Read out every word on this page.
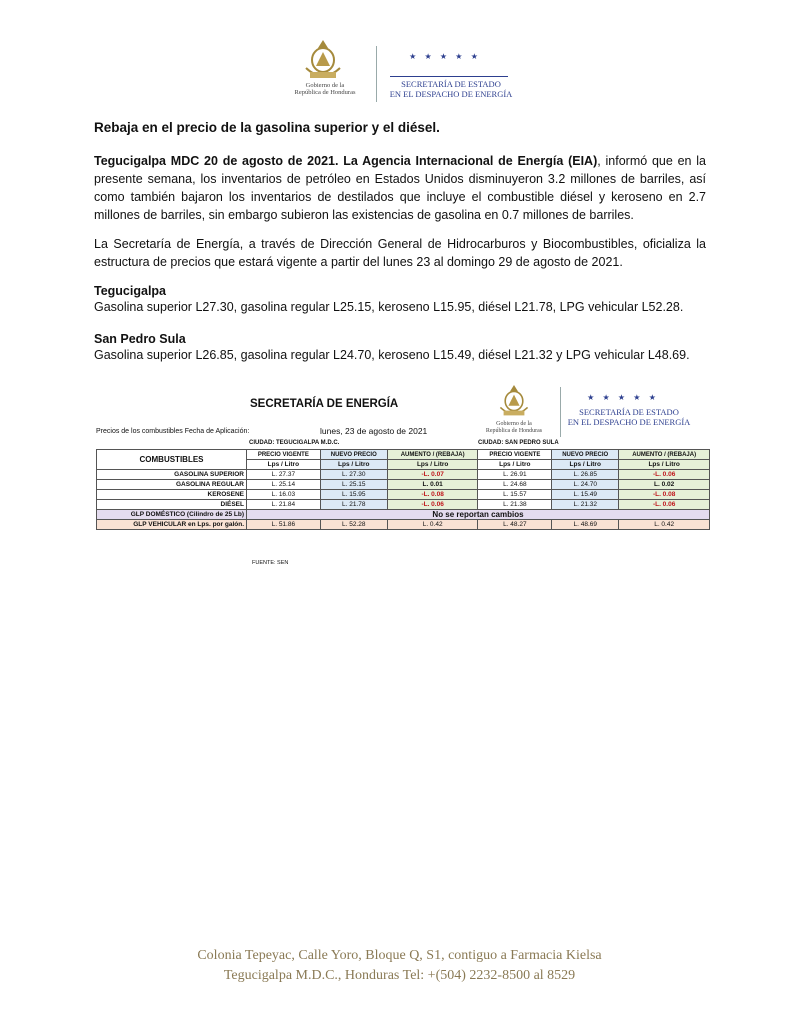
Gobierno de la
República de Honduras
★ ★ ★ ★ ★
SECRETARÍA DE ESTADO
EN EL DESPACHO DE ENERGÍA
Rebaja en el precio de la gasolina superior y el diésel.
Tegucigalpa MDC 20 de agosto de 2021. La Agencia Internacional de Energía (EIA), informó que en la presente semana, los inventarios de petróleo en Estados Unidos disminuyeron 3.2 millones de barriles, así como también bajaron los inventarios de destilados que incluye el combustible diésel y keroseno en 2.7 millones de barriles, sin embargo subieron las existencias de gasolina en 0.7 millones de barriles.
La Secretaría de Energía, a través de Dirección General de Hidrocarburos y Biocombustibles, oficializa la estructura de precios que estará vigente a partir del lunes 23 al domingo 29 de agosto de 2021.
Tegucigalpa
Gasolina superior L27.30, gasolina regular L25.15, keroseno L15.95, diésel L21.78, LPG vehicular L52.28.
San Pedro Sula
Gasolina superior L26.85, gasolina regular L24.70, keroseno L15.49, diésel L21.32 y LPG vehicular L48.69.
SECRETARÍA DE ENERGÍA
Gobierno de la
República de Honduras
★ ★ ★ ★ ★
SECRETARÍA DE ESTADO
EN EL DESPACHO DE ENERGÍA
Precios de los combustibles Fecha de Aplicación:	lunes, 23 de agosto de 2021
CIUDAD: TEGUCIGALPA M.D.C.	CIUDAD: SAN PEDRO SULA
COMBUSTIBLES	PRECIO VIGENTE	NUEVO PRECIO	AUMENTO / (REBAJA)	PRECIO VIGENTE	NUEVO PRECIO	AUMENTO / (REBAJA)
	Lps / Litro	Lps / Litro	Lps / Litro	Lps / Litro	Lps / Litro	Lps / Litro
GASOLINA SUPERIOR	L. 27.37	L. 27.30	-L. 0.07	L. 26.91	L. 26.85	-L. 0.06
GASOLINA REGULAR	L. 25.14	L. 25.15	L. 0.01	L. 24.68	L. 24.70	L. 0.02
KEROSENE	L. 16.03	L. 15.95	-L. 0.08	L. 15.57	L. 15.49	-L. 0.08
DIÉSEL	L. 21.84	L. 21.78	-L. 0.06	L. 21.38	L. 21.32	-L. 0.06
GLP DOMÉSTICO (Cilindro de 25 Lb)	No se reportan cambios					
GLP VEHICULAR en Lps. por galón.	L. 51.86	L. 52.28	L. 0.42	L. 48.27	L. 48.69	L. 0.42
FUENTE: SEN
Colonia Tepeyac, Calle Yoro, Bloque Q, S1, contiguo a Farmacia Kielsa
Tegucigalpa M.D.C., Honduras Tel: +(504) 2232-8500 al 8529
